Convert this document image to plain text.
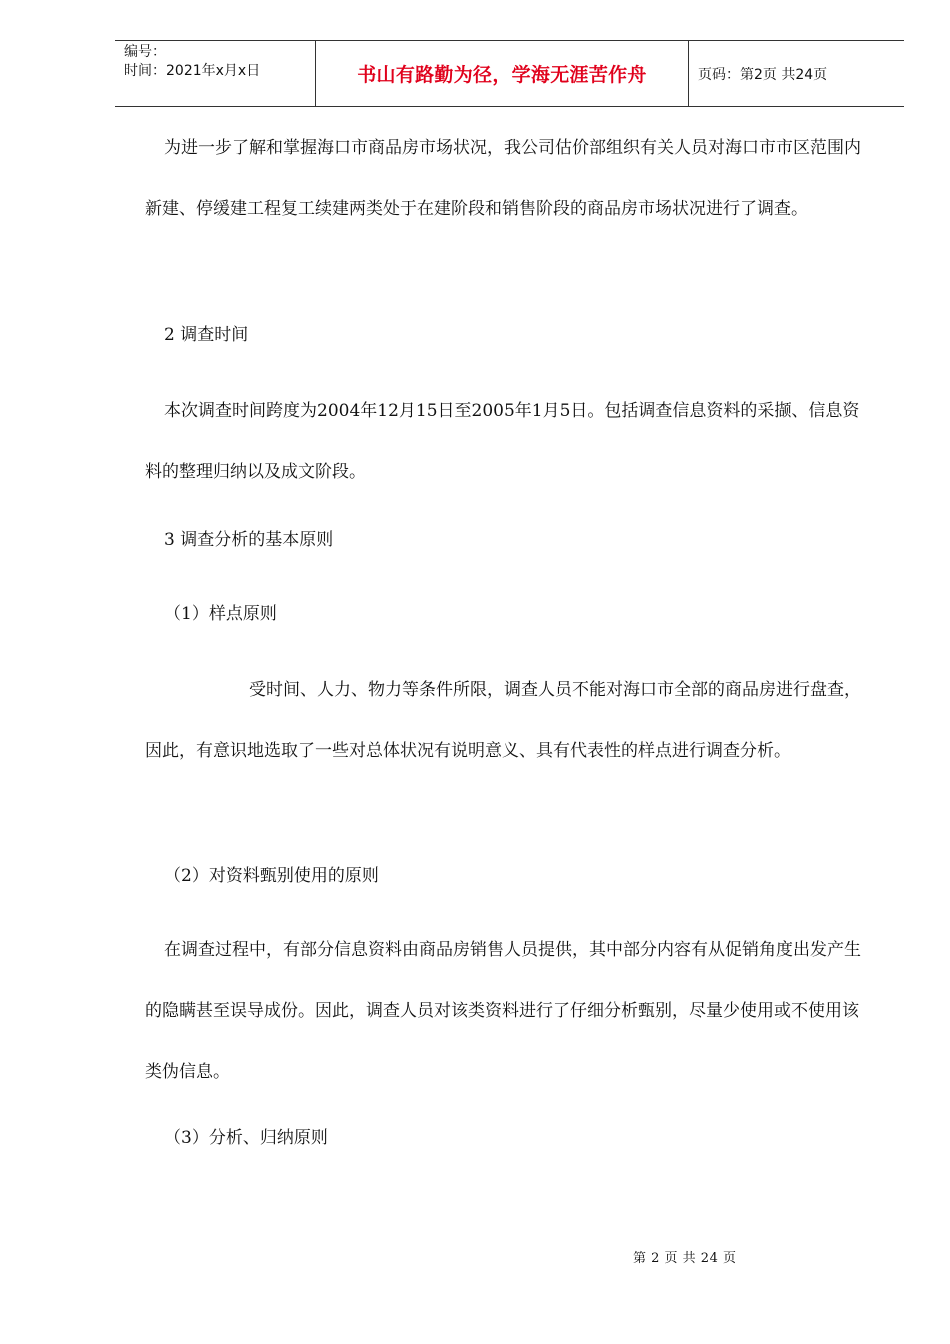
编号：
时间：2021年x月x日	书山有路勤为径，学海无涯苦作舟	页码：第2页 共24页

为进一步了解和掌握海口市商品房市场状况，我公司估价部组织有关人员对海口市市区范围内新建、停缓建工程复工续建两类处于在建阶段和销售阶段的商品房市场状况进行了调查。

2 调查时间

本次调查时间跨度为2004年12月15日至2005年1月5日。包括调查信息资料的采撷、信息资料的整理归纳以及成文阶段。

3 调查分析的基本原则

（1）样点原则

受时间、人力、物力等条件所限，调查人员不能对海口市全部的商品房进行盘查，因此，有意识地选取了一些对总体状况有说明意义、具有代表性的样点进行调查分析。

（2）对资料甄别使用的原则

在调查过程中，有部分信息资料由商品房销售人员提供，其中部分内容有从促销角度出发产生的隐瞒甚至误导成份。因此，调查人员对该类资料进行了仔细分析甄别，尽量少使用或不使用该类伪信息。

（3）分析、归纳原则

第 2 页 共 24 页
